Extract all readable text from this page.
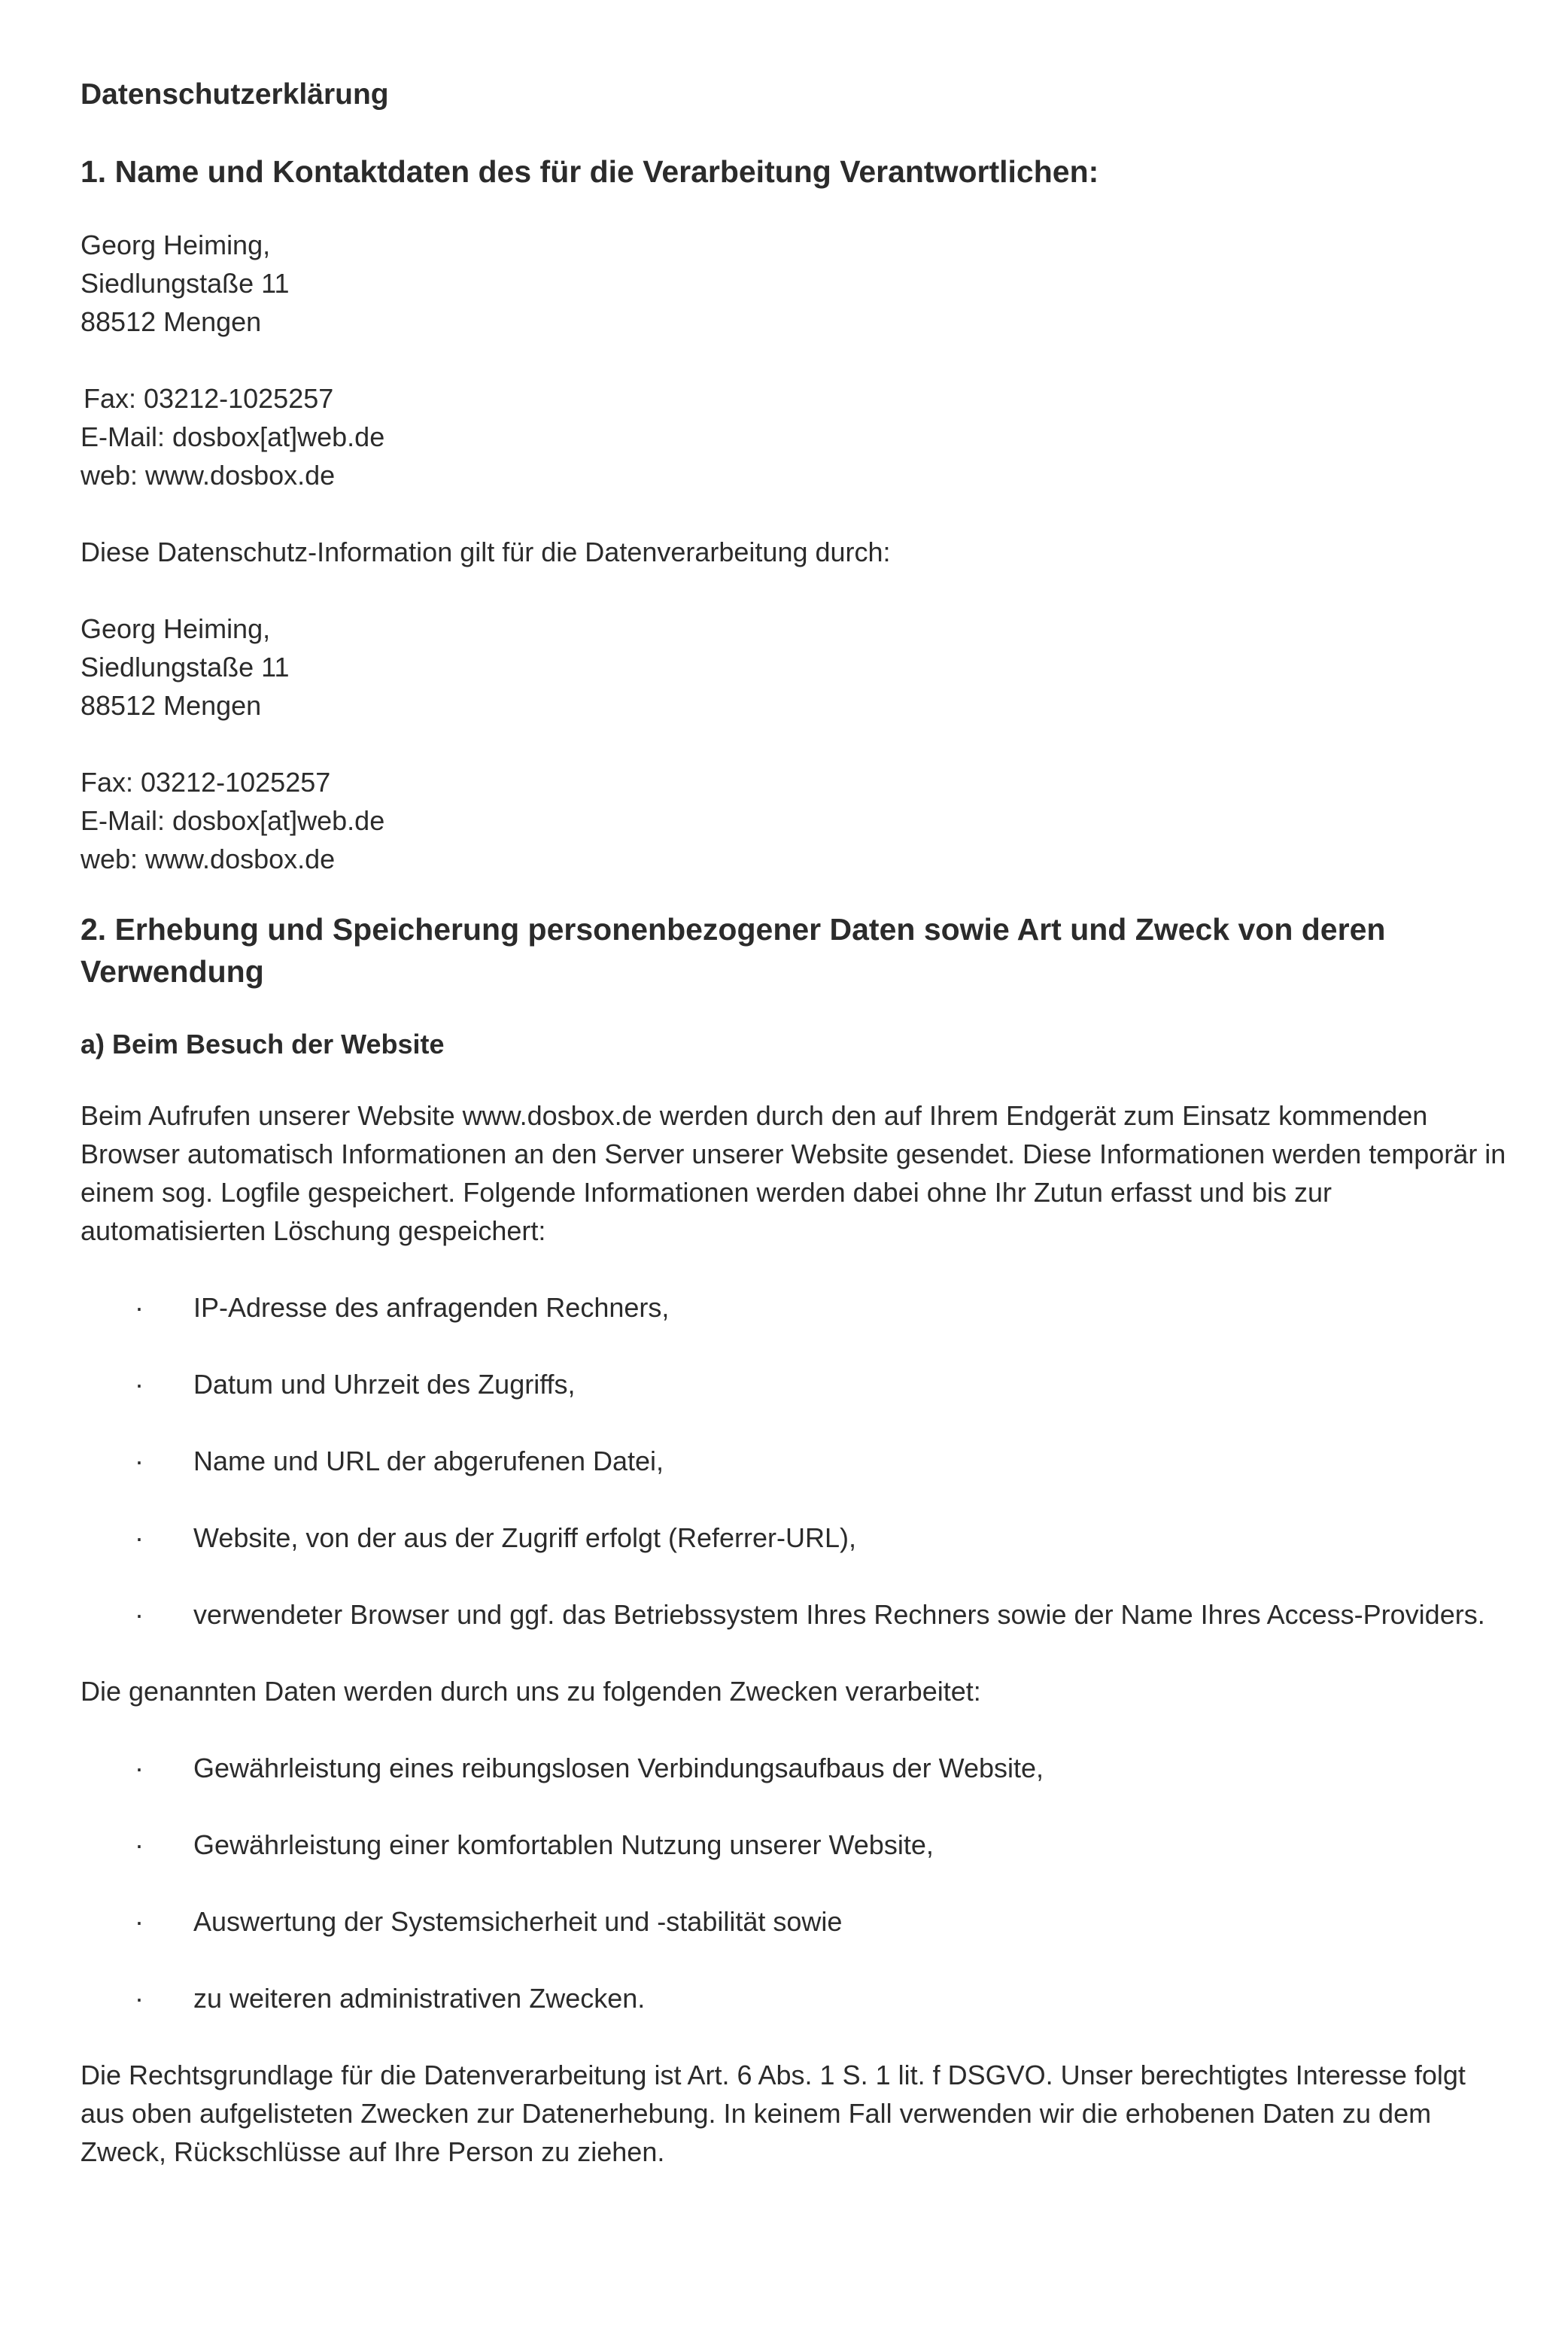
Datenschutzerklärung
1. Name und Kontaktdaten des für die Verarbeitung Verantwortlichen:
Georg Heiming,
Siedlungstaße 11
88512 Mengen
Fax: 03212-1025257
E-Mail: dosbox[at]web.de
web: www.dosbox.de
Diese Datenschutz-Information gilt für die Datenverarbeitung durch:
Georg Heiming,
Siedlungstaße 11
88512 Mengen
Fax: 03212-1025257
E-Mail: dosbox[at]web.de
web: www.dosbox.de
2. Erhebung und Speicherung personenbezogener Daten sowie Art und Zweck von deren Verwendung
a) Beim Besuch der Website
Beim Aufrufen unserer Website www.dosbox.de werden durch den auf Ihrem Endgerät zum Einsatz kommenden Browser automatisch Informationen an den Server unserer Website gesendet. Diese Informationen werden temporär in einem sog. Logfile gespeichert. Folgende Informationen werden dabei ohne Ihr Zutun erfasst und bis zur automatisierten Löschung gespeichert:
· IP-Adresse des anfragenden Rechners,
· Datum und Uhrzeit des Zugriffs,
· Name und URL der abgerufenen Datei,
· Website, von der aus der Zugriff erfolgt (Referrer-URL),
· verwendeter Browser und ggf. das Betriebssystem Ihres Rechners sowie der Name Ihres Access-Providers.
Die genannten Daten werden durch uns zu folgenden Zwecken verarbeitet:
· Gewährleistung eines reibungslosen Verbindungsaufbaus der Website,
· Gewährleistung einer komfortablen Nutzung unserer Website,
· Auswertung der Systemsicherheit und -stabilität sowie
· zu weiteren administrativen Zwecken.
Die Rechtsgrundlage für die Datenverarbeitung ist Art. 6 Abs. 1 S. 1 lit. f DSGVO. Unser berechtigtes Interesse folgt aus oben aufgelisteten Zwecken zur Datenerhebung. In keinem Fall verwenden wir die erhobenen Daten zu dem Zweck, Rückschlüsse auf Ihre Person zu ziehen.
